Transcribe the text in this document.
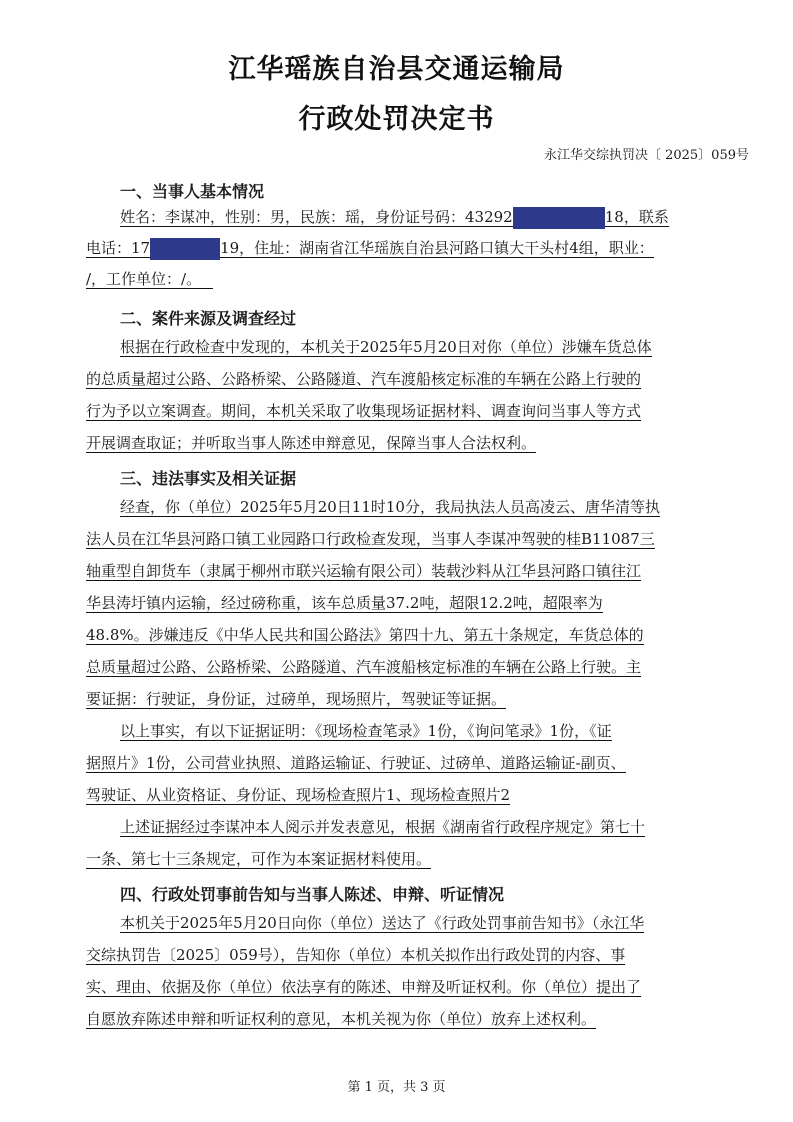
江华瑶族自治县交通运输局
行政处罚决定书
永江华交综执罚决〔 2025〕059号
一、当事人基本情况
姓名：李谋冲，性别：男，民族：瑶，身份证号码：43292	18，联系
电话：17	19，住址：湖南省江华瑶族自治县河路口镇大干头村4组，职业：
/，工作单位：/。
二、案件来源及调查经过
根据在行政检查中发现的，本机关于2025年5月20日对你（单位）涉嫌车货总体
的总质量超过公路、公路桥梁、公路隧道、汽车渡船核定标准的车辆在公路上行驶的
行为予以立案调查。期间，本机关采取了收集现场证据材料、调查询问当事人等方式
开展调查取证；并听取当事人陈述申辩意见，保障当事人合法权利。
三、违法事实及相关证据
经查，你（单位）2025年5月20日11时10分，我局执法人员高凌云、唐华清等执
法人员在江华县河路口镇工业园路口行政检查发现，当事人李谋冲驾驶的桂B11087三
轴重型自卸货车（隶属于柳州市联兴运输有限公司）装载沙料从江华县河路口镇往江
华县涛圩镇内运输，经过磅称重，该车总质量37.2吨，超限12.2吨，超限率为
48.8%。涉嫌违反《中华人民共和国公路法》第四十九、第五十条规定，车货总体的
总质量超过公路、公路桥梁、公路隧道、汽车渡船核定标准的车辆在公路上行驶。主
要证据：行驶证，身份证，过磅单，现场照片，驾驶证等证据。
以上事实，有以下证据证明：《现场检查笔录》1份，《询问笔录》1份，《证
据照片》1份，公司营业执照、道路运输证、行驶证、过磅单、道路运输证-副页、
驾驶证、从业资格证、身份证、现场检查照片1、现场检查照片2
上述证据经过李谋冲本人阅示并发表意见，根据《湖南省行政程序规定》第七十
一条、第七十三条规定，可作为本案证据材料使用。
四、行政处罚事前告知与当事人陈述、申辩、听证情况
本机关于2025年5月20日向你（单位）送达了《行政处罚事前告知书》（永江华
交综执罚告〔2025〕059号），告知你（单位）本机关拟作出行政处罚的内容、事
实、理由、依据及你（单位）依法享有的陈述、申辩及听证权利。你（单位）提出了
自愿放弃陈述申辩和听证权利的意见，本机关视为你（单位）放弃上述权利。
第 1 页，共 3 页
